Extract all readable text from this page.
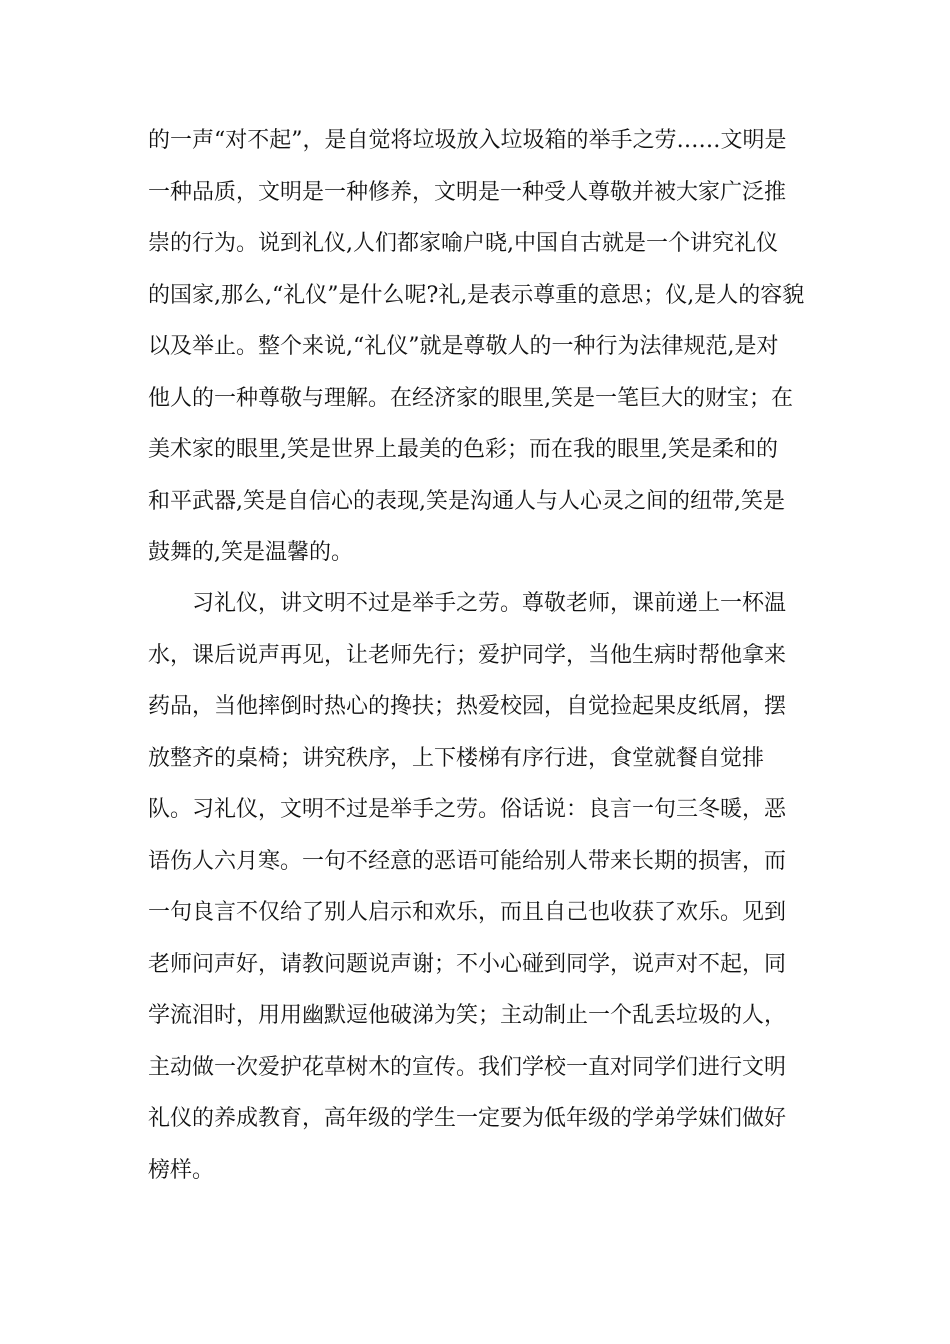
的一声“对不起”，是自觉将垃圾放入垃圾箱的举手之劳……文明是
一种品质，文明是一种修养，文明是一种受人尊敬并被大家广泛推
崇的行为。说到礼仪,人们都家喻户晓,中国自古就是一个讲究礼仪
的国家,那么,“礼仪”是什么呢?礼,是表示尊重的意思；仪,是人的容貌
以及举止。整个来说,“礼仪”就是尊敬人的一种行为法律规范,是对
他人的一种尊敬与理解。在经济家的眼里,笑是一笔巨大的财宝；在
美术家的眼里,笑是世界上最美的色彩；而在我的眼里,笑是柔和的
和平武器,笑是自信心的表现,笑是沟通人与人心灵之间的纽带,笑是
鼓舞的,笑是温馨的。
习礼仪，讲文明不过是举手之劳。尊敬老师，课前递上一杯温
水，课后说声再见，让老师先行；爱护同学，当他生病时帮他拿来
药品，当他摔倒时热心的搀扶；热爱校园，自觉捡起果皮纸屑，摆
放整齐的桌椅；讲究秩序，上下楼梯有序行进，食堂就餐自觉排
队。习礼仪，文明不过是举手之劳。俗话说：良言一句三冬暖，恶
语伤人六月寒。一句不经意的恶语可能给别人带来长期的损害，而
一句良言不仅给了别人启示和欢乐，而且自己也收获了欢乐。见到
老师问声好，请教问题说声谢；不小心碰到同学，说声对不起，同
学流泪时，用用幽默逗他破涕为笑；主动制止一个乱丢垃圾的人，
主动做一次爱护花草树木的宣传。我们学校一直对同学们进行文明
礼仪的养成教育，高年级的学生一定要为低年级的学弟学妹们做好
榜样。
